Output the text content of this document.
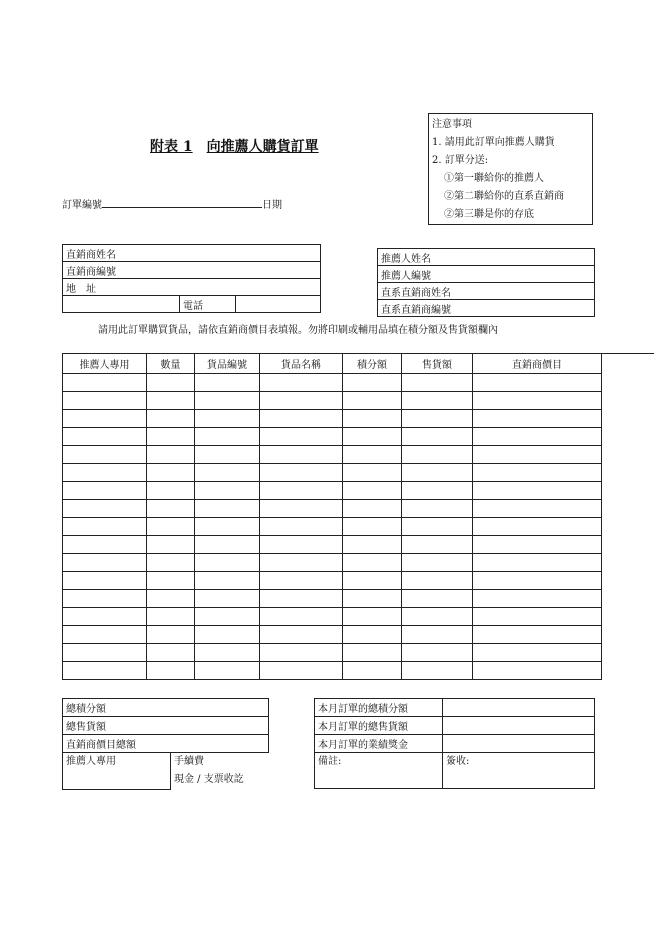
注意事項
1. 請用此訂單向推薦人購貨
2. 訂單分送:
①第一聯給你的推薦人
②第二聯給你的直系直銷商
②第三聯是你的存底
附表 1 向推薦人購貨訂單
訂單編號	日期
直銷商姓名
直銷商編號
地　址
	電話	
推薦人姓名
推薦人編號
直系直銷商姓名
直系直銷商編號
請用此訂單購買貨品，請依直銷商價目表填報。勿將印刷或輔用品填在積分額及售貨額欄內
推薦人專用	數量	貨品編號	貨品名稱	積分額	售貨額	直銷商價目

總積分額
總售貨額
直銷商價目總額
推薦人專用	手續費
現金 / 支票收訖
本月訂單的總積分額	
本月訂單的總售貨額	
本月訂單的業績獎金	
備註:	簽收:
